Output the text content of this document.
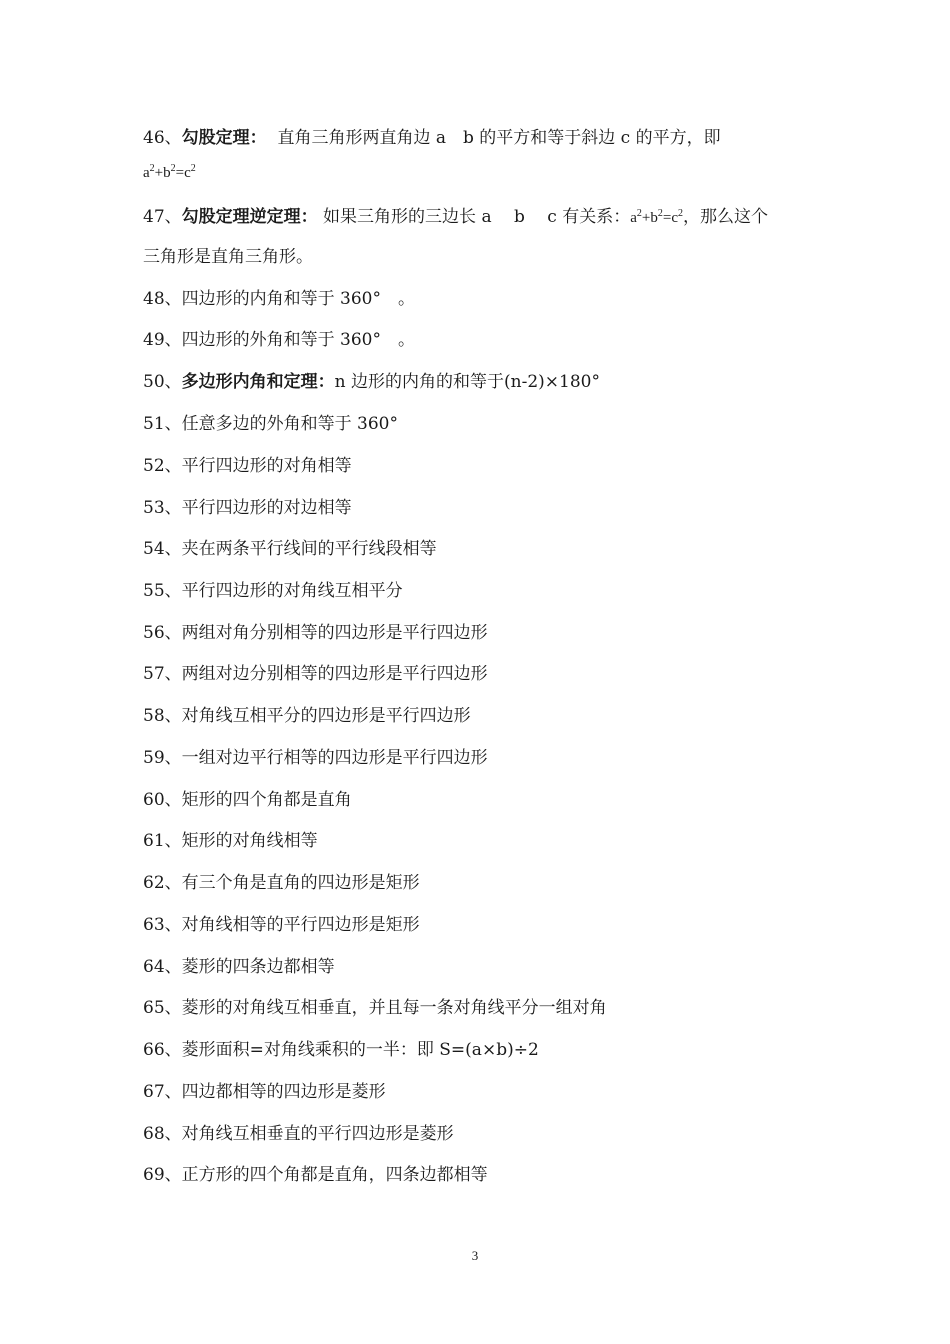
46、勾股定理： 直角三角形两直角边 a　b 的平方和等于斜边 c 的平方，即
$a^2+b^2=c^2$
47、勾股定理逆定理： 如果三角形的三边长 a　 b　 c 有关系：$a^2+b^2=c^2$，那么这个
三角形是直角三角形。
48、四边形的内角和等于 360°　。
49、四边形的外角和等于 360°　。
50、多边形内角和定理：n 边形的内角的和等于(n-2)×180°
51、任意多边的外角和等于 360°
52、平行四边形的对角相等
53、平行四边形的对边相等
54、夹在两条平行线间的平行线段相等
55、平行四边形的对角线互相平分
56、两组对角分别相等的四边形是平行四边形
57、两组对边分别相等的四边形是平行四边形
58、对角线互相平分的四边形是平行四边形
59、一组对边平行相等的四边形是平行四边形
60、矩形的四个角都是直角
61、矩形的对角线相等
62、有三个角是直角的四边形是矩形
63、对角线相等的平行四边形是矩形
64、菱形的四条边都相等
65、菱形的对角线互相垂直，并且每一条对角线平分一组对角
66、菱形面积=对角线乘积的一半：即 S=(a×b)÷2
67、四边都相等的四边形是菱形
68、对角线互相垂直的平行四边形是菱形
69、正方形的四个角都是直角，四条边都相等
3
